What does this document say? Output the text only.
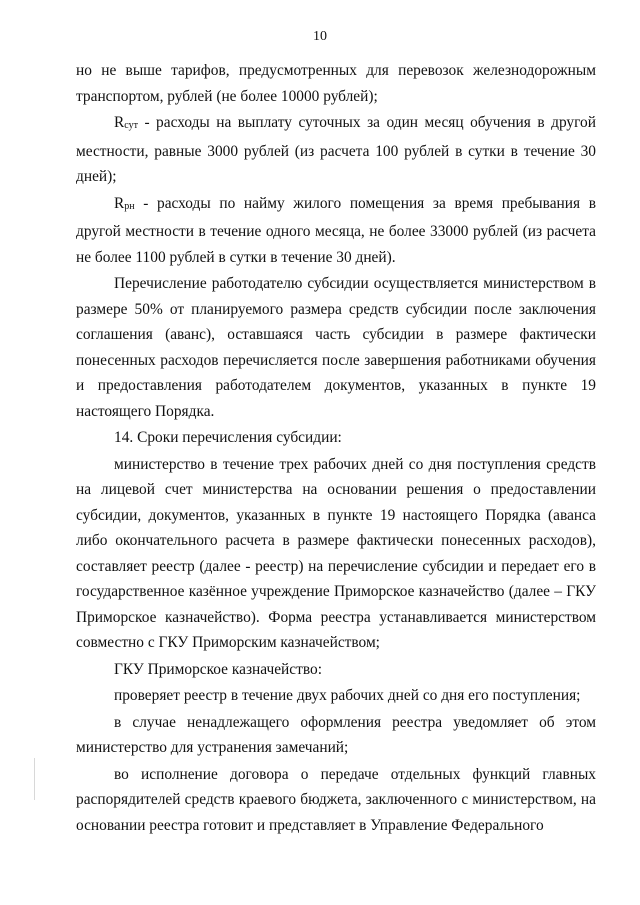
10

но не выше тарифов, предусмотренных для перевозок железнодорожным транспортом, рублей (не более 10000 рублей);

$R_{сут}$ - расходы на выплату суточных за один месяц обучения в другой местности, равные 3000 рублей (из расчета 100 рублей в сутки в течение 30 дней);

$R_{рн}$ - расходы по найму жилого помещения за время пребывания в другой местности в течение одного месяца, не более 33000 рублей (из расчета не более 1100 рублей в сутки в течение 30 дней).

Перечисление работодателю субсидии осуществляется министерством в размере 50% от планируемого размера средств субсидии после заключения соглашения (аванс), оставшаяся часть субсидии в размере фактически понесенных расходов перечисляется после завершения работниками обучения и предоставления работодателем документов, указанных в пункте 19 настоящего Порядка.

14. Сроки перечисления субсидии:

министерство в течение трех рабочих дней со дня поступления средств на лицевой счет министерства на основании решения о предоставлении субсидии, документов, указанных в пункте 19 настоящего Порядка (аванса либо окончательного расчета в размере фактически понесенных расходов), составляет реестр (далее - реестр) на перечисление субсидии и передает его в государственное казённое учреждение Приморское казначейство (далее – ГКУ Приморское казначейство). Форма реестра устанавливается министерством совместно с ГКУ Приморским казначейством;

ГКУ Приморское казначейство:

проверяет реестр в течение двух рабочих дней со дня его поступления;

в случае ненадлежащего оформления реестра уведомляет об этом министерство для устранения замечаний;

во исполнение договора о передаче отдельных функций главных распорядителей средств краевого бюджета, заключенного с министерством, на основании реестра готовит и представляет в Управление Федерального
